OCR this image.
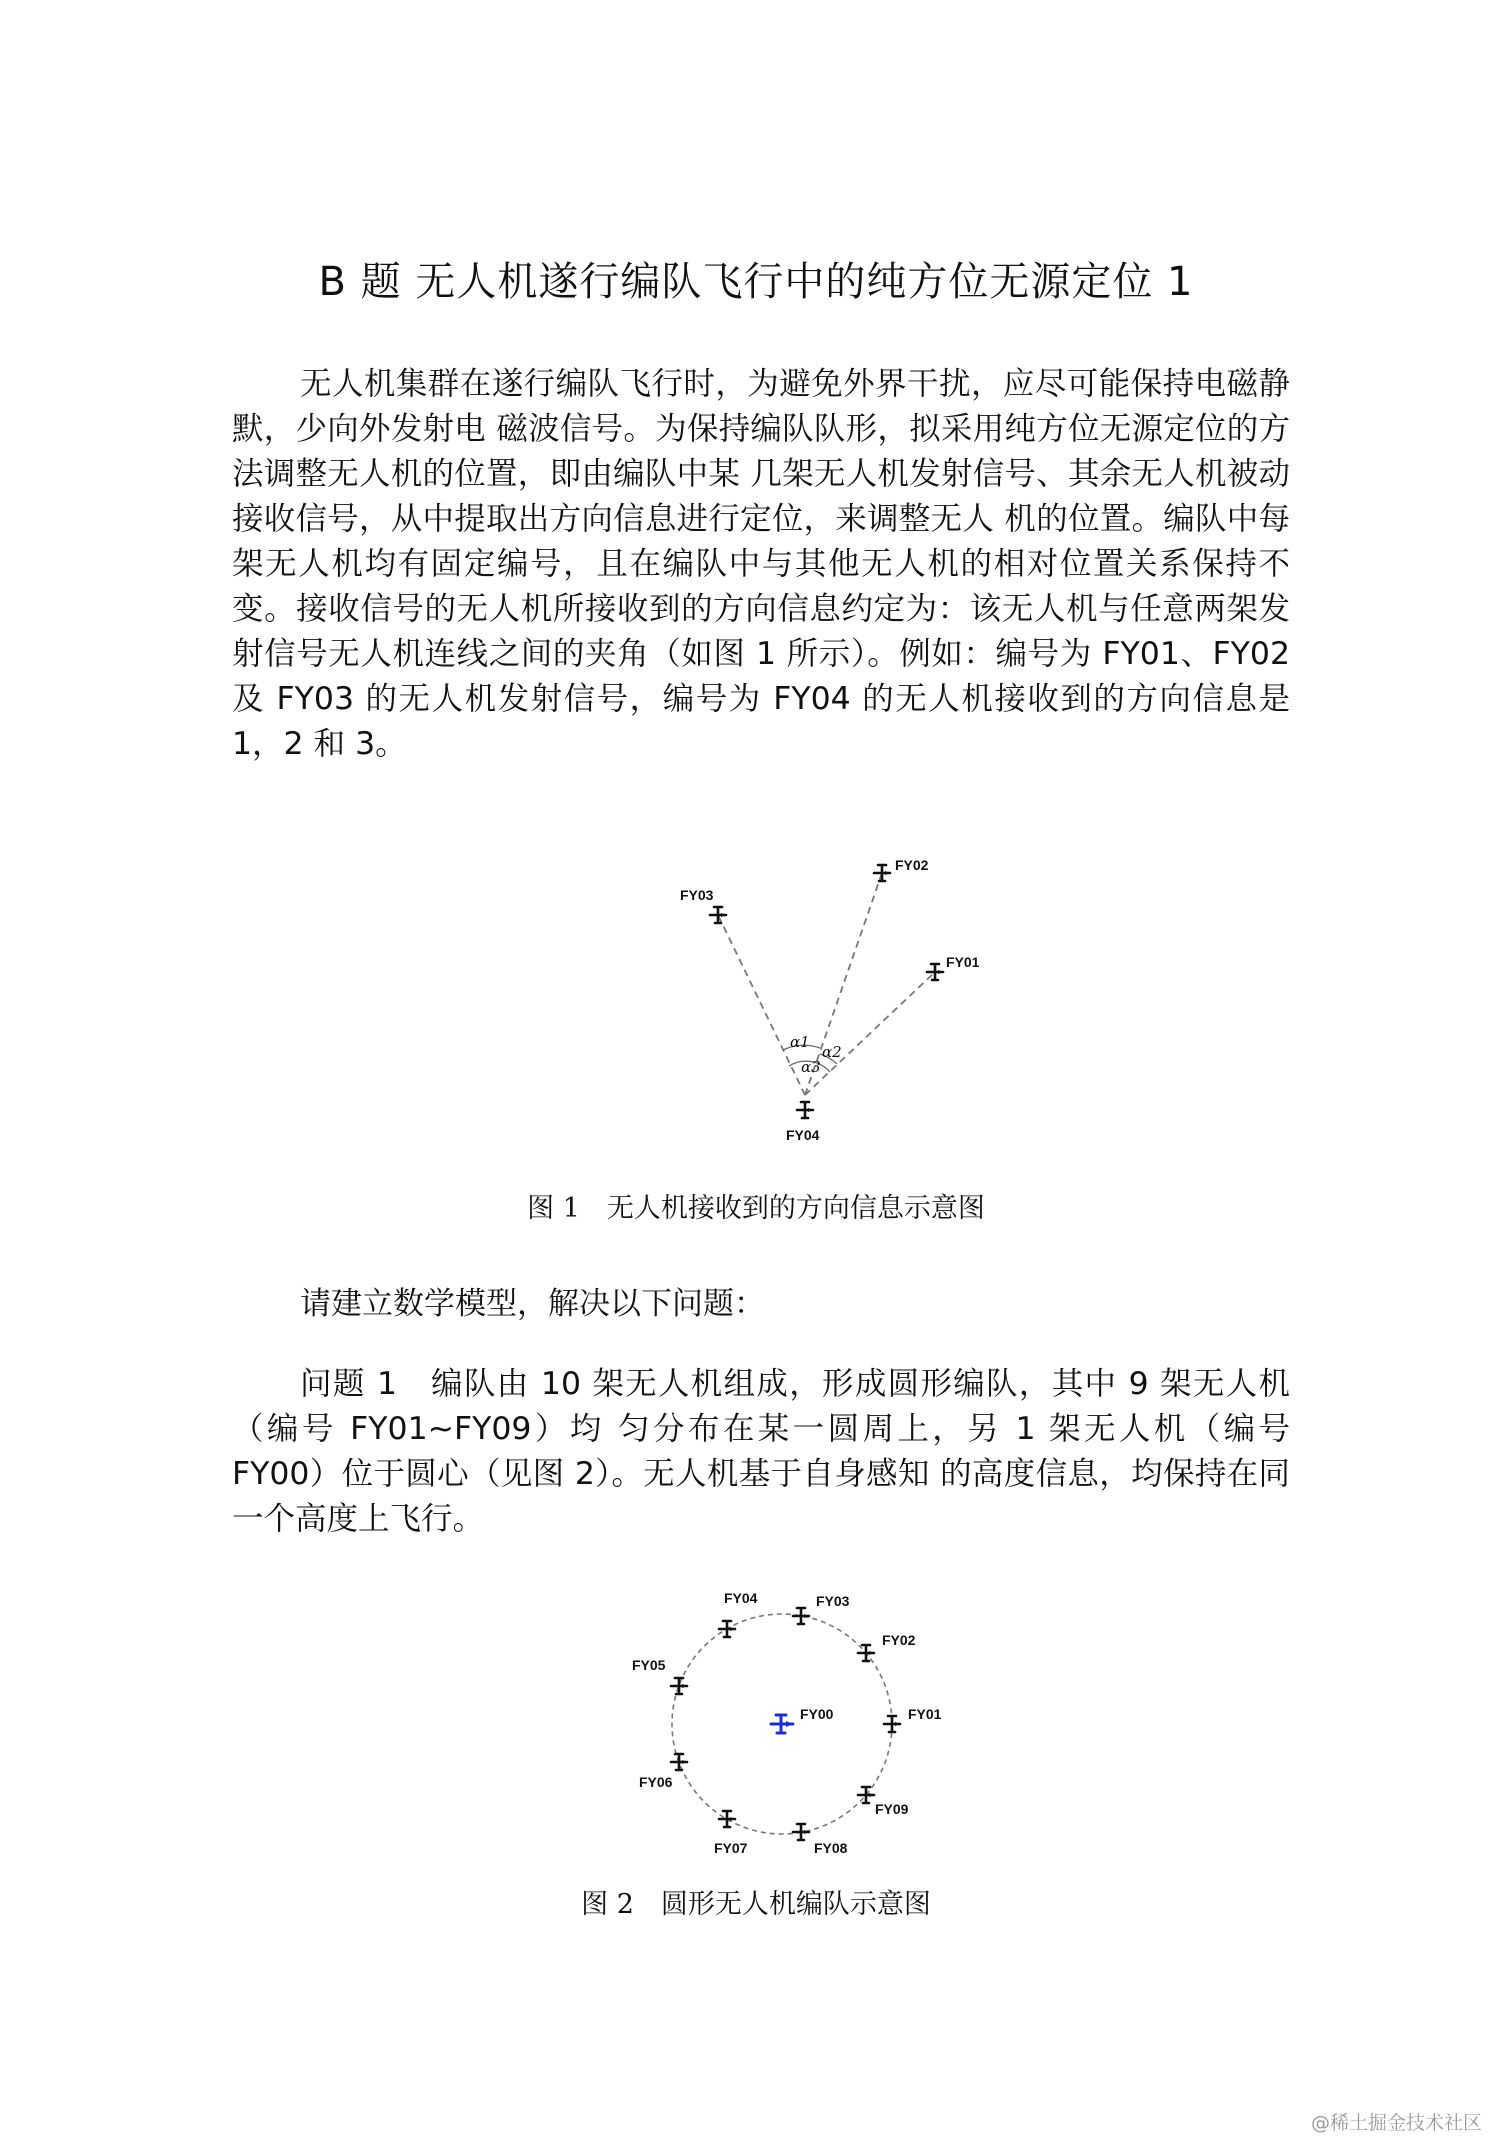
B 题 无人机遂行编队飞行中的纯方位无源定位 1
无人机集群在遂行编队飞行时，为避免外界干扰，应尽可能保持电磁静默，少向外发射电 磁波信号。为保持编队队形，拟采用纯方位无源定位的方法调整无人机的位置，即由编队中某 几架无人机发射信号、其余无人机被动接收信号，从中提取出方向信息进行定位，来调整无人 机的位置。编队中每架无人机均有固定编号，且在编队中与其他无人机的相对位置关系保持不 变。接收信号的无人机所接收到的方向信息约定为：该无人机与任意两架发射信号无人机连线之间的夹角（如图 1 所示）。例如：编号为 FY01、FY02 及 FY03 的无人机发射信号，编号为 FY04 的无人机接收到的方向信息是 1，2 和 3。
FY03
FY02
FY01
FY04
α1
α2
α3
图 1　无人机接收到的方向信息示意图
请建立数学模型，解决以下问题：
问题 1　编队由 10 架无人机组成，形成圆形编队，其中 9 架无人机（编号 FY01~FY09）均 匀分布在某一圆周上，另 1 架无人机（编号 FY00）位于圆心（见图 2）。无人机基于自身感知 的高度信息，均保持在同一个高度上飞行。
FY00	FY01
FY02
FY03
FY04
FY05
FY06
FY07	FY08
FY09
图 2　圆形无人机编队示意图
@稀土掘金技术社区
